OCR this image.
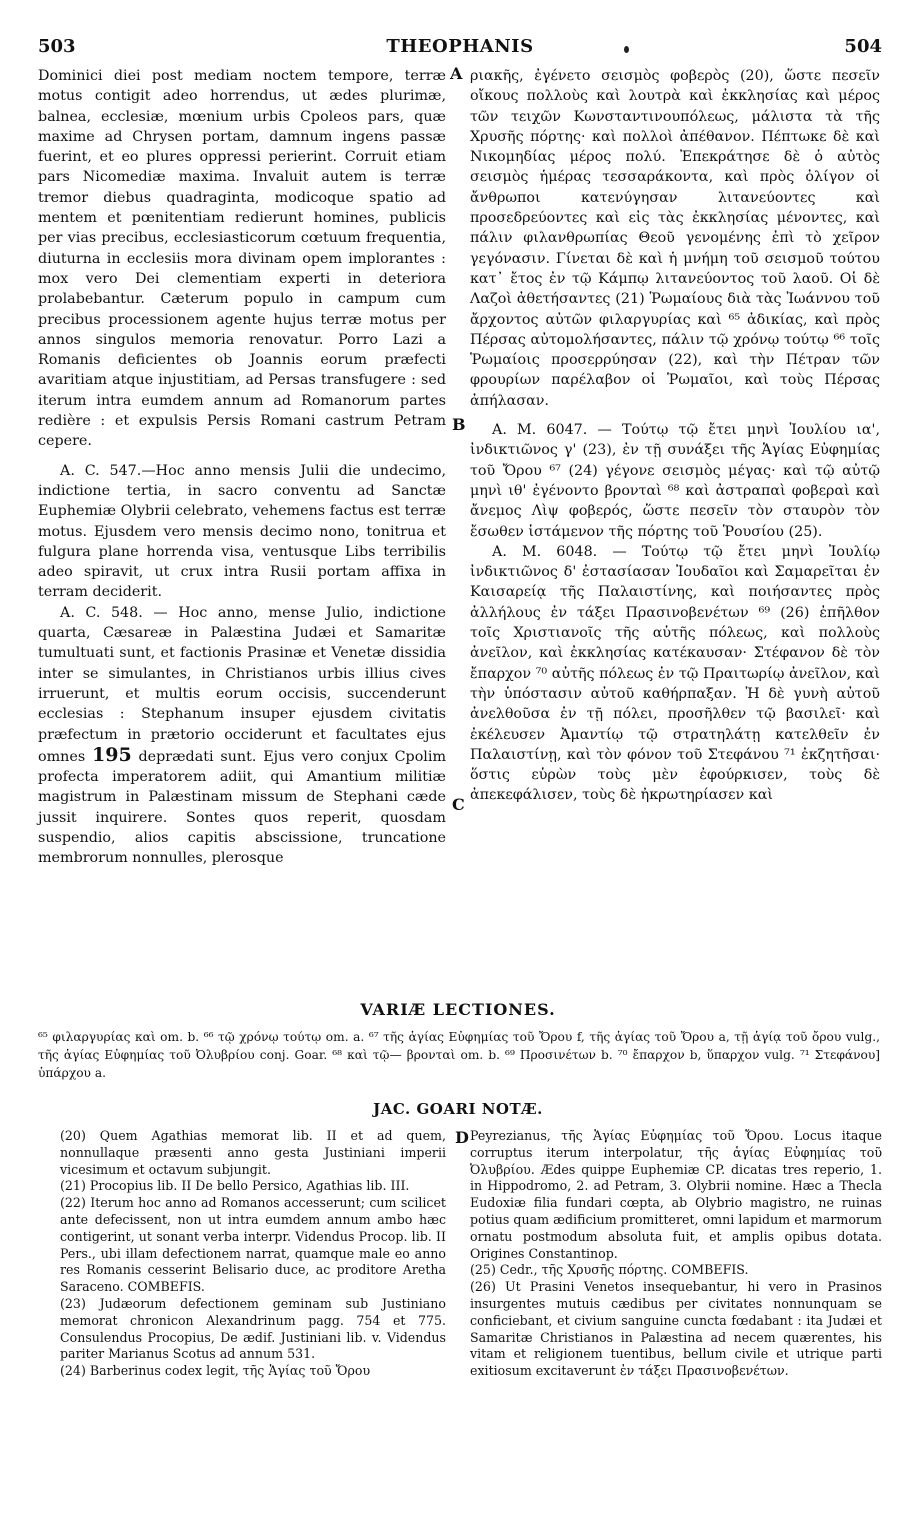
503	THEOPHANIS	504
A
B
C
D

Dominici diei post mediam noctem tempore, terræ motus contigit adeo horrendus, ut ædes plurimæ, balnea, ecclesiæ, mœnium urbis Cpoleos pars, quæ maxime ad Chrysen portam, damnum ingens passæ fuerint, et eo plures oppressi perierint. Corruit etiam pars Nicomediæ maxima. Invaluit autem is terræ tremor diebus quadraginta, modicoque spatio ad mentem et pœnitentiam redierunt homines, publicis per vias precibus, ecclesiasticorum cœtuum frequentia, diuturna in ecclesiis mora divinam opem implorantes : mox vero Dei clementiam experti in deteriora prolabebantur. Cæterum populo in campum cum precibus processionem agente hujus terræ motus per annos singulos memoria renovatur. Porro Lazi a Romanis deficientes ob Joannis eorum præfecti avaritiam atque injustitiam, ad Persas transfugere : sed iterum intra eumdem annum ad Romanorum partes redière : et expulsis Persis Romani castrum Petram cepere.

A. C. 547.—Hoc anno mensis Julii die undecimo, indictione tertia, in sacro conventu ad Sanctæ Euphemiæ Olybrii celebrato, vehemens factus est terræ motus. Ejusdem vero mensis decimo nono, tonitrua et fulgura plane horrenda visa, ventusque Libs terribilis adeo spiravit, ut crux intra Rusii portam affixa in terram deciderit.

A. C. 548. — Hoc anno, mense Julio, indictione quarta, Cæsareæ in Palæstina Judæi et Samaritæ tumultuati sunt, et factionis Prasinæ et Venetæ dissidia inter se simulantes, in Christianos urbis illius cives irruerunt, et multis eorum occisis, succenderunt ecclesias : Stephanum insuper ejusdem civitatis præfectum in prætorio occiderunt et facultates ejus omnes 195 deprædati sunt. Ejus vero conjux Cpolim profecta imperatorem adiit, qui Amantium militiæ magistrum in Palæstinam missum de Stephani cæde jussit inquirere. Sontes quos reperit, quosdam suspendio, alios capitis abscissione, truncatione membrorum nonnulles, plerosque

ριακῆς, ἐγένετο σεισμὸς φοβερὸς (20), ὥστε πεσεῖν οἴκους πολλοὺς καὶ λουτρὰ καὶ ἐκκλησίας καὶ μέρος τῶν τειχῶν Κωνσταντινουπόλεως, μάλιστα τὰ τῆς Χρυσῆς πόρτης· καὶ πολλοὶ ἀπέθανον. Πέπτωκε δὲ καὶ Νικομηδίας μέρος πολύ. Ἐπεκράτησε δὲ ὁ αὐτὸς σεισμὸς ἡμέρας τεσσαράκοντα, καὶ πρὸς ὀλίγον οἱ ἄνθρωποι κατενύγησαν λιτανεύοντες καὶ προσεδρεύοντες καὶ εἰς τὰς ἐκκλησίας μένοντες, καὶ πάλιν φιλανθρωπίας Θεοῦ γενομένης ἐπὶ τὸ χεῖρον γεγόνασιν. Γίνεται δὲ καὶ ἡ μνήμη τοῦ σεισμοῦ τούτου κατ᾽ ἔτος ἐν τῷ Κάμπῳ λιτανεύοντος τοῦ λαοῦ. Οἱ δὲ Λαζοὶ ἀθετήσαντες (21) Ῥωμαίους διὰ τὰς Ἰωάννου τοῦ ἄρχοντος αὐτῶν φιλαργυρίας καὶ ⁶⁵ ἀδικίας, καὶ πρὸς Πέρσας αὐτομολήσαντες, πάλιν τῷ χρόνῳ τούτῳ ⁶⁶ τοῖς Ῥωμαίοις προσερρύησαν (22), καὶ τὴν Πέτραν τῶν φρουρίων παρέλαβον οἱ Ῥωμαῖοι, καὶ τοὺς Πέρσας ἀπήλασαν.

A. M. 6047. — Τούτῳ τῷ ἔτει μηνὶ Ἰουλίου ια', ἰνδικτιῶνος γ' (23), ἐν τῇ συνάξει τῆς Ἁγίας Εὐφημίας τοῦ Ὄρου ⁶⁷ (24) γέγονε σεισμὸς μέγας· καὶ τῷ αὐτῷ μηνὶ ιθ' ἐγένοντο βρονταὶ ⁶⁸ καὶ ἀστραπαὶ φοβεραὶ καὶ ἄνεμος Λὶψ φοβερός, ὥστε πεσεῖν τὸν σταυρὸν τὸν ἔσωθεν ἱστάμενον τῆς πόρτης τοῦ Ῥουσίου (25).

A. M. 6048. — Τούτῳ τῷ ἔτει μηνὶ Ἰουλίῳ ἰνδικτιῶνος δ' ἐστασίασαν Ἰουδαῖοι καὶ Σαμαρεῖται ἐν Καισαρείᾳ τῆς Παλαιστίνης, καὶ ποιήσαντες πρὸς ἀλλήλους ἐν τάξει Πρασινοβενέτων ⁶⁹ (26) ἐπῆλθον τοῖς Χριστιανοῖς τῆς αὐτῆς πόλεως, καὶ πολλοὺς ἀνεῖλον, καὶ ἐκκλησίας κατέκαυσαν· Στέφανον δὲ τὸν ἔπαρχον ⁷⁰ αὐτῆς πόλεως ἐν τῷ Πραιτωρίῳ ἀνεῖλον, καὶ τὴν ὑπόστασιν αὐτοῦ καθήρπαξαν. Ἡ δὲ γυνὴ αὐτοῦ ἀνελθοῦσα ἐν τῇ πόλει, προσῆλθεν τῷ βασιλεῖ· καὶ ἐκέλευσεν Ἀμαντίῳ τῷ στρατηλάτῃ κατελθεῖν ἐν Παλαιστίνῃ, καὶ τὸν φόνον τοῦ Στεφάνου ⁷¹ ἐκζητῆσαι· ὅστις εὑρὼν τοὺς μὲν ἐφούρκισεν, τοὺς δὲ ἀπεκεφάλισεν, τοὺς δὲ ἠκρωτηρίασεν καὶ

VARIÆ LECTIONES.
⁶⁵ φιλαργυρίας καὶ om. b. ⁶⁶ τῷ χρόνῳ τούτῳ om. a. ⁶⁷ τῆς ἁγίας Εὐφημίας τοῦ Ὄρου f, τῆς ἁγίας τοῦ Ὄρου a, τῇ ἁγίᾳ τοῦ ὄρου vulg., τῆς ἁγίας Εὐφημίας τοῦ Ὀλυβρίου conj. Goar. ⁶⁸ καὶ τῷ— βρονταὶ om. b. ⁶⁹ Προσινέτων b. ⁷⁰ ἔπαρχον b, ὕπαρχον vulg. ⁷¹ Στεφάνου] ὑπάρχου a.
JAC. GOARI NOTÆ.

(20) Quem Agathias memorat lib. II et ad quem, nonnullaque præsenti anno gesta Justiniani imperii vicesimum et octavum subjungit.

(21) Procopius lib. II De bello Persico, Agathias lib. III.

(22) Iterum hoc anno ad Romanos accesserunt; cum scilicet ante defecissent, non ut intra eumdem annum ambo hæc contigerint, ut sonant verba interpr. Videndus Procop. lib. II Pers., ubi illam defectionem narrat, quamque male eo anno res Romanis cesserint Belisario duce, ac proditore Aretha Saraceno. COMBEFIS.

(23) Judæorum defectionem geminam sub Justiniano memorat chronicon Alexandrinum pagg. 754 et 775. Consulendus Procopius, De ædif. Justiniani lib. v. Videndus pariter Marianus Scotus ad annum 531.

(24) Barberinus codex legit, τῆς Ἁγίας τοῦ Ὄρου

Peyrezianus, τῆς Ἁγίας Εὐφημίας τοῦ Ὄρου. Locus itaque corruptus iterum interpolatur, τῆς ἁγίας Εὐφημίας τοῦ Ὀλυβρίου. Ædes quippe Euphemiæ CP. dicatas tres reperio, 1. in Hippodromo, 2. ad Petram, 3. Olybrii nomine. Hæc a Thecla Eudoxiæ filia fundari cœpta, ab Olybrio magistro, ne ruinas potius quam ædificium promitteret, omni lapidum et marmorum ornatu postmodum absoluta fuit, et amplis opibus dotata. Origines Constantinop.

(25) Cedr., τῆς Χρυσῆς πόρτης. COMBEFIS.

(26) Ut Prasini Venetos insequebantur, hi vero in Prasinos insurgentes mutuis cædibus per civitates nonnunquam se conficiebant, et civium sanguine cuncta fœdabant : ita Judæi et Samaritæ Christianos in Palæstina ad necem quærentes, his vitam et religionem tuentibus, bellum civile et utrique parti exitiosum excitaverunt ἐν τάξει Πρασινοβενέτων.
